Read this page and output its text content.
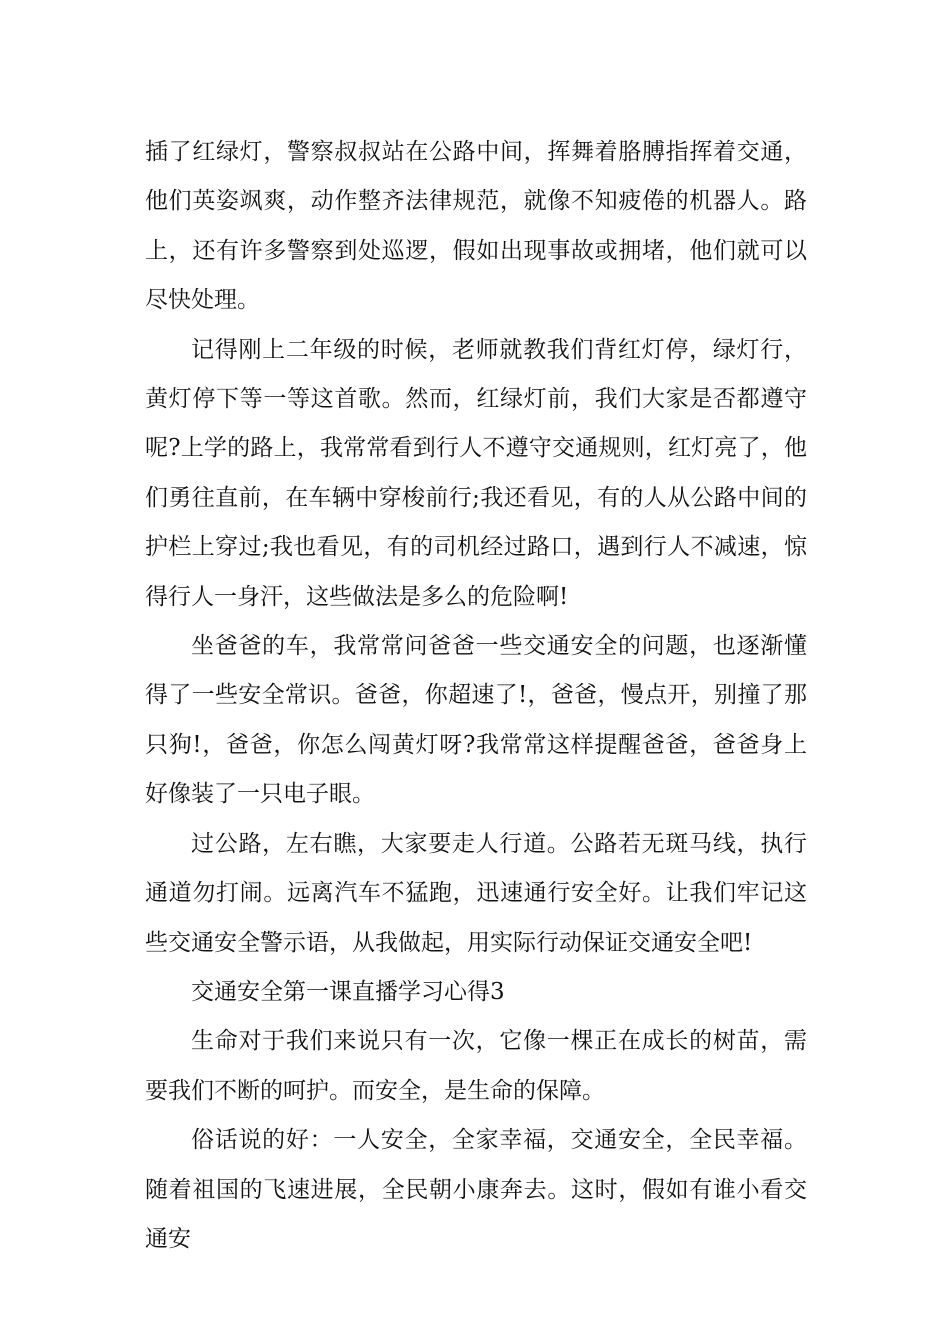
插了红绿灯，警察叔叔站在公路中间，挥舞着胳膊指挥着交通，他们英姿飒爽，动作整齐法律规范，就像不知疲倦的机器人。路上，还有许多警察到处巡逻，假如出现事故或拥堵，他们就可以尽快处理。

记得刚上二年级的时候，老师就教我们背红灯停，绿灯行，黄灯停下等一等这首歌。然而，红绿灯前，我们大家是否都遵守呢?上学的路上，我常常看到行人不遵守交通规则，红灯亮了，他们勇往直前，在车辆中穿梭前行;我还看见，有的人从公路中间的护栏上穿过;我也看见，有的司机经过路口，遇到行人不减速，惊得行人一身汗，这些做法是多么的危险啊!

坐爸爸的车，我常常问爸爸一些交通安全的问题，也逐渐懂得了一些安全常识。爸爸，你超速了!，爸爸，慢点开，别撞了那只狗!，爸爸，你怎么闯黄灯呀?我常常这样提醒爸爸，爸爸身上好像装了一只电子眼。

过公路，左右瞧，大家要走人行道。公路若无斑马线，执行通道勿打闹。远离汽车不猛跑，迅速通行安全好。让我们牢记这些交通安全警示语，从我做起，用实际行动保证交通安全吧!

交通安全第一课直播学习心得3

生命对于我们来说只有一次，它像一棵正在成长的树苗，需要我们不断的呵护。而安全，是生命的保障。

俗话说的好：一人安全，全家幸福，交通安全，全民幸福。随着祖国的飞速进展，全民朝小康奔去。这时，假如有谁小看交通安
